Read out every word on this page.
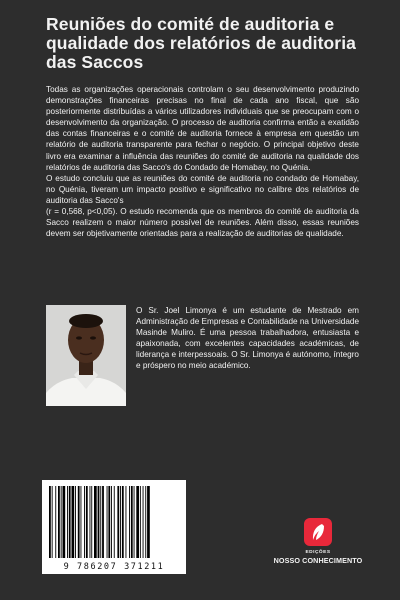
Reuniões do comité de auditoria e qualidade dos relatórios de auditoria das Saccos

Todas as organizações operacionais controlam o seu desenvolvimento produzindo demonstrações financeiras precisas no final de cada ano fiscal, que são posteriormente distribuídas a vários utilizadores individuais que se preocupam com o desenvolvimento da organização. O processo de auditoria confirma então a exatidão das contas financeiras e o comité de auditoria fornece à empresa em questão um relatório de auditoria transparente para fechar o negócio. O principal objetivo deste livro era examinar a influência das reuniões do comité de auditoria na qualidade dos relatórios de auditoria das Sacco's do Condado de Homabay, no Quénia.

O estudo concluiu que as reuniões do comité de auditoria no condado de Homabay, no Quénia, tiveram um impacto positivo e significativo no calibre dos relatórios de auditoria das Sacco's

(r = 0,568, p<0,05). O estudo recomenda que os membros do comité de auditoria da Sacco realizem o maior número possível de reuniões. Além disso, essas reuniões devem ser objetivamente orientadas para a realização de auditorias de qualidade.

O Sr. Joel Limonya é um estudante de Mestrado em Administração de Empresas e Contabilidade na Universidade Masinde Muliro. É uma pessoa trabalhadora, entusiasta e apaixonada, com excelentes capacidades académicas, de liderança e interpessoais. O Sr. Limonya é autónomo, íntegro e próspero no meio académico.

9 786207 371211
EDIÇÕES
NOSSO CONHECIMENTO
